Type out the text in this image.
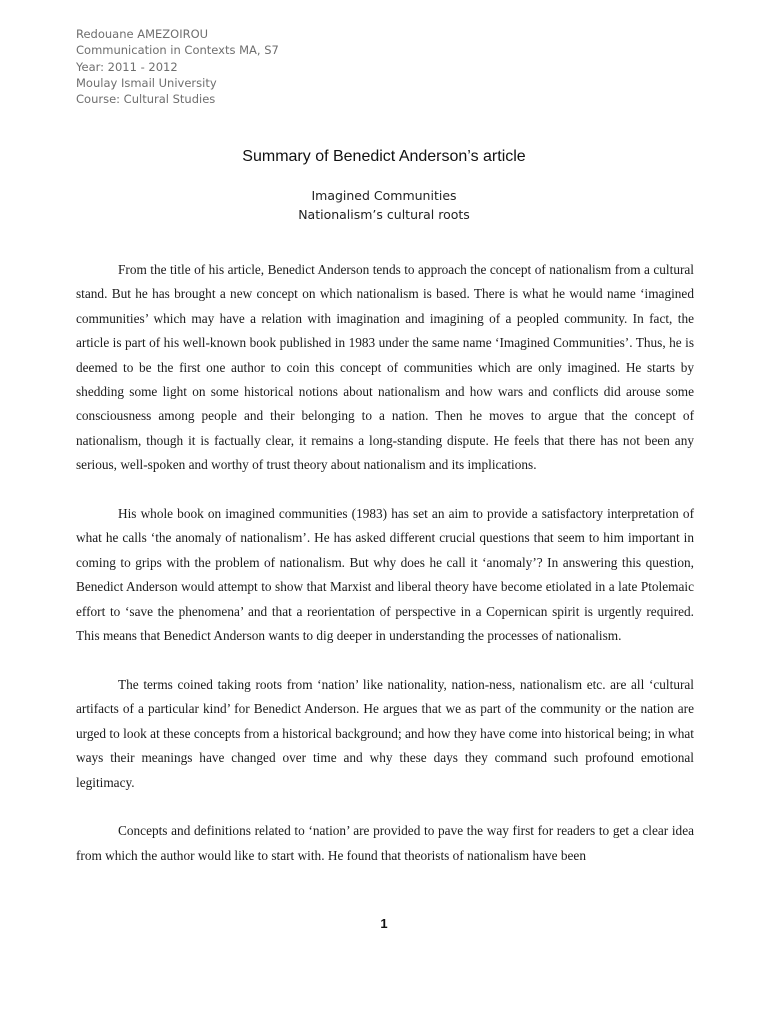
Redouane AMEZOIROU
Communication in Contexts MA, S7
Year: 2011 - 2012
Moulay Ismail University
Course: Cultural Studies
Summary of Benedict Anderson’s article
Imagined Communities
Nationalism’s cultural roots

From the title of his article, Benedict Anderson tends to approach the concept of nationalism from a cultural stand. But he has brought a new concept on which nationalism is based. There is what he would name ‘imagined communities’ which may have a relation with imagination and imagining of a peopled community. In fact, the article is part of his well-known book published in 1983 under the same name ‘Imagined Communities’. Thus, he is deemed to be the first one author to coin this concept of communities which are only imagined. He starts by shedding some light on some historical notions about nationalism and how wars and conflicts did arouse some consciousness among people and their belonging to a nation. Then he moves to argue that the concept of nationalism, though it is factually clear, it remains a long-standing dispute. He feels that there has not been any serious, well-spoken and worthy of trust theory about nationalism and its implications.

His whole book on imagined communities (1983) has set an aim to provide a satisfactory interpretation of what he calls ‘the anomaly of nationalism’. He has asked different crucial questions that seem to him important in coming to grips with the problem of nationalism. But why does he call it ‘anomaly’? In answering this question, Benedict Anderson would attempt to show that Marxist and liberal theory have become etiolated in a late Ptolemaic effort to ‘save the phenomena’ and that a reorientation of perspective in a Copernican spirit is urgently required. This means that Benedict Anderson wants to dig deeper in understanding the processes of nationalism.

The terms coined taking roots from ‘nation’ like nationality, nation-ness, nationalism etc. are all ‘cultural artifacts of a particular kind’ for Benedict Anderson. He argues that we as part of the community or the nation are urged to look at these concepts from a historical background; and how they have come into historical being; in what ways their meanings have changed over time and why these days they command such profound emotional legitimacy.

Concepts and definitions related to ‘nation’ are provided to pave the way first for readers to get a clear idea from which the author would like to start with. He found that theorists of nationalism have been

1
